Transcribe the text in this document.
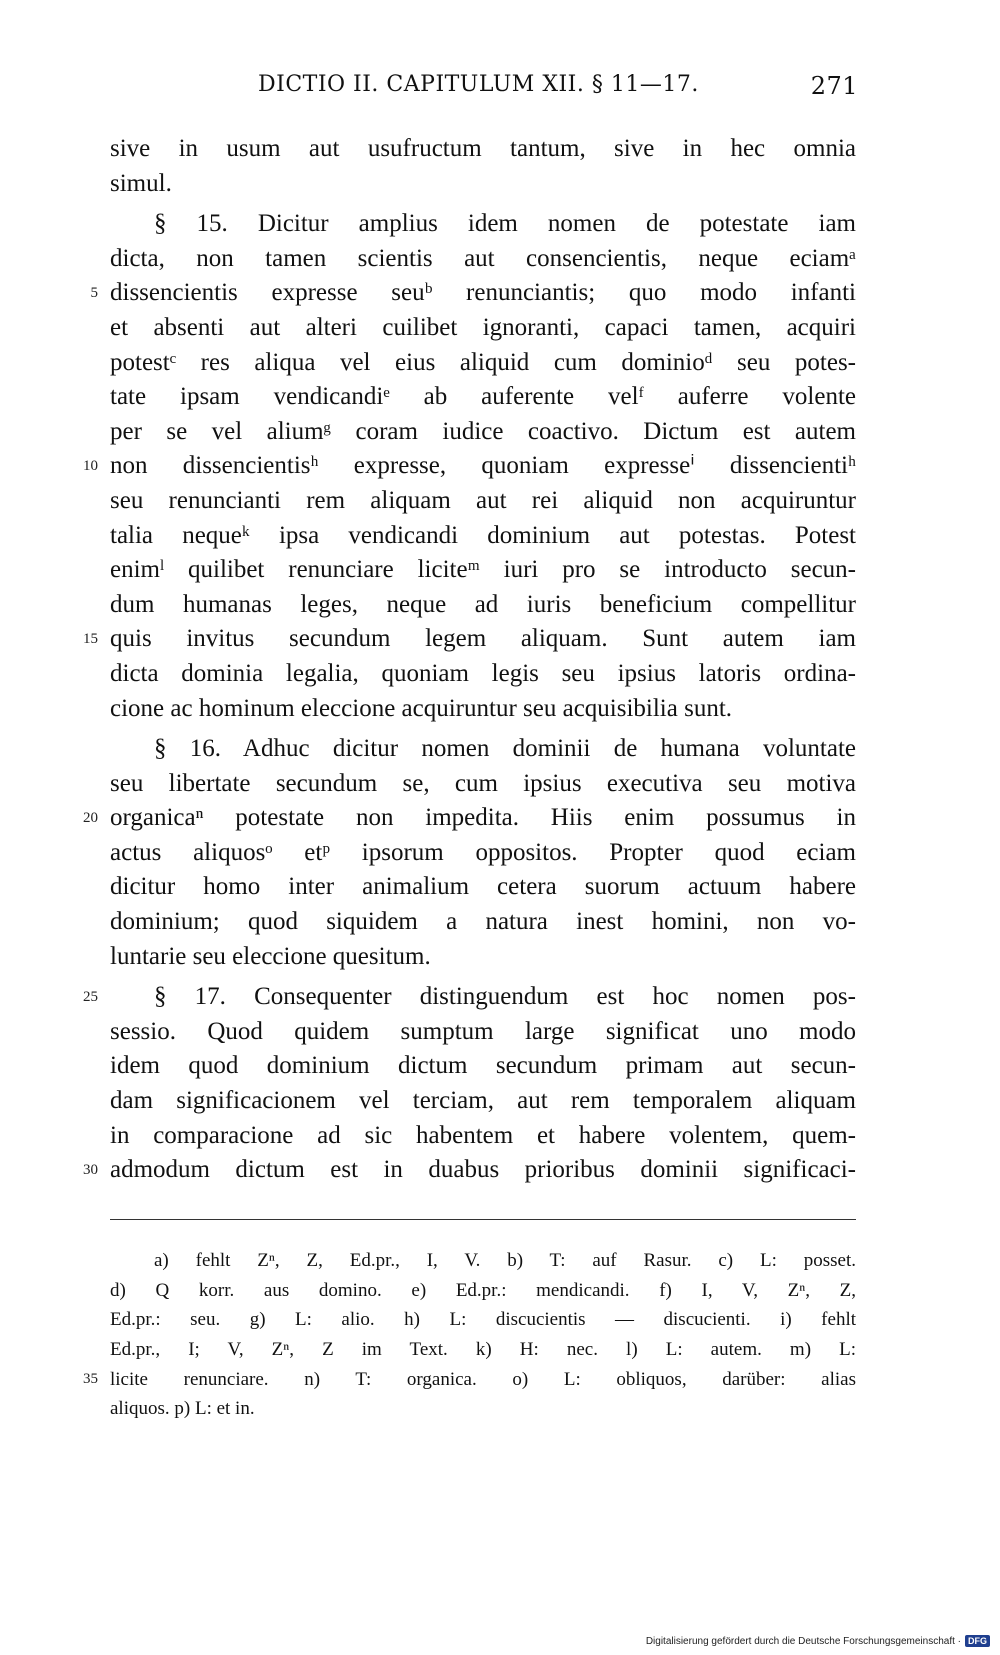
DICTIO II. CAPITULUM XII. § 11—17.	271
sive in usum aut usufructum tantum, sive in hec omnia
simul.
§ 15. Dicitur amplius idem nomen de potestate iam
dicta, non tamen scientis aut consencientis, neque eciamᵃ
5 dissencientis expresse seuᵇ renunciantis; quo modo infanti
et absenti aut alteri cuilibet ignoranti, capaci tamen, acquiri
potestᶜ res aliqua vel eius aliquid cum dominioᵈ seu potes-
tate ipsam vendicandiᵉ ab auferente velᶠ auferre volente
per se vel aliumᵍ coram iudice coactivo. Dictum est autem
10 non dissencientisʰ expresse, quoniam expresseⁱ dissencientiʰ
seu renuncianti rem aliquam aut rei aliquid non acquiruntur
talia nequeᵏ ipsa vendicandi dominium aut potestas. Potest
enimˡ quilibet renunciare liciteᵐ iuri pro se introducto secun-
dum humanas leges, neque ad iuris beneficium compellitur
15 quis invitus secundum legem aliquam. Sunt autem iam
dicta dominia legalia, quoniam legis seu ipsius latoris ordina-
cione ac hominum eleccione acquiruntur seu acquisibilia sunt.
§ 16. Adhuc dicitur nomen dominii de humana voluntate
seu libertate secundum se, cum ipsius executiva seu motiva
20 organicaⁿ potestate non impedita. Hiis enim possumus in
actus aliquosᵒ etᵖ ipsorum oppositos. Propter quod eciam
dicitur homo inter animalium cetera suorum actuum habere
dominium; quod siquidem a natura inest homini, non vo-
luntarie seu eleccione quesitum.
25 § 17. Consequenter distinguendum est hoc nomen pos-
sessio. Quod quidem sumptum large significat uno modo
idem quod dominium dictum secundum primam aut secun-
dam significacionem vel terciam, aut rem temporalem aliquam
in comparacione ad sic habentem et habere volentem, quem-
30 admodum dictum est in duabus prioribus dominii significaci-
a) fehlt Zⁿ, Z, Ed.pr., I, V. b) T: auf Rasur. c) L: posset.
d) Q korr. aus domino. e) Ed.pr.: mendicandi. f) I, V, Zⁿ, Z,
Ed.pr.: seu. g) L: alio. h) L: discucientis — discucienti. i) fehlt
Ed.pr., I; V, Zⁿ, Z im Text. k) H: nec. l) L: autem. m) L:
35 licite renunciare. n) T: organica. o) L: obliquos, darüber: alias
aliquos. p) L: et in.
Digitalisierung gefördert durch die Deutsche Forschungsgemeinschaft · DFG
